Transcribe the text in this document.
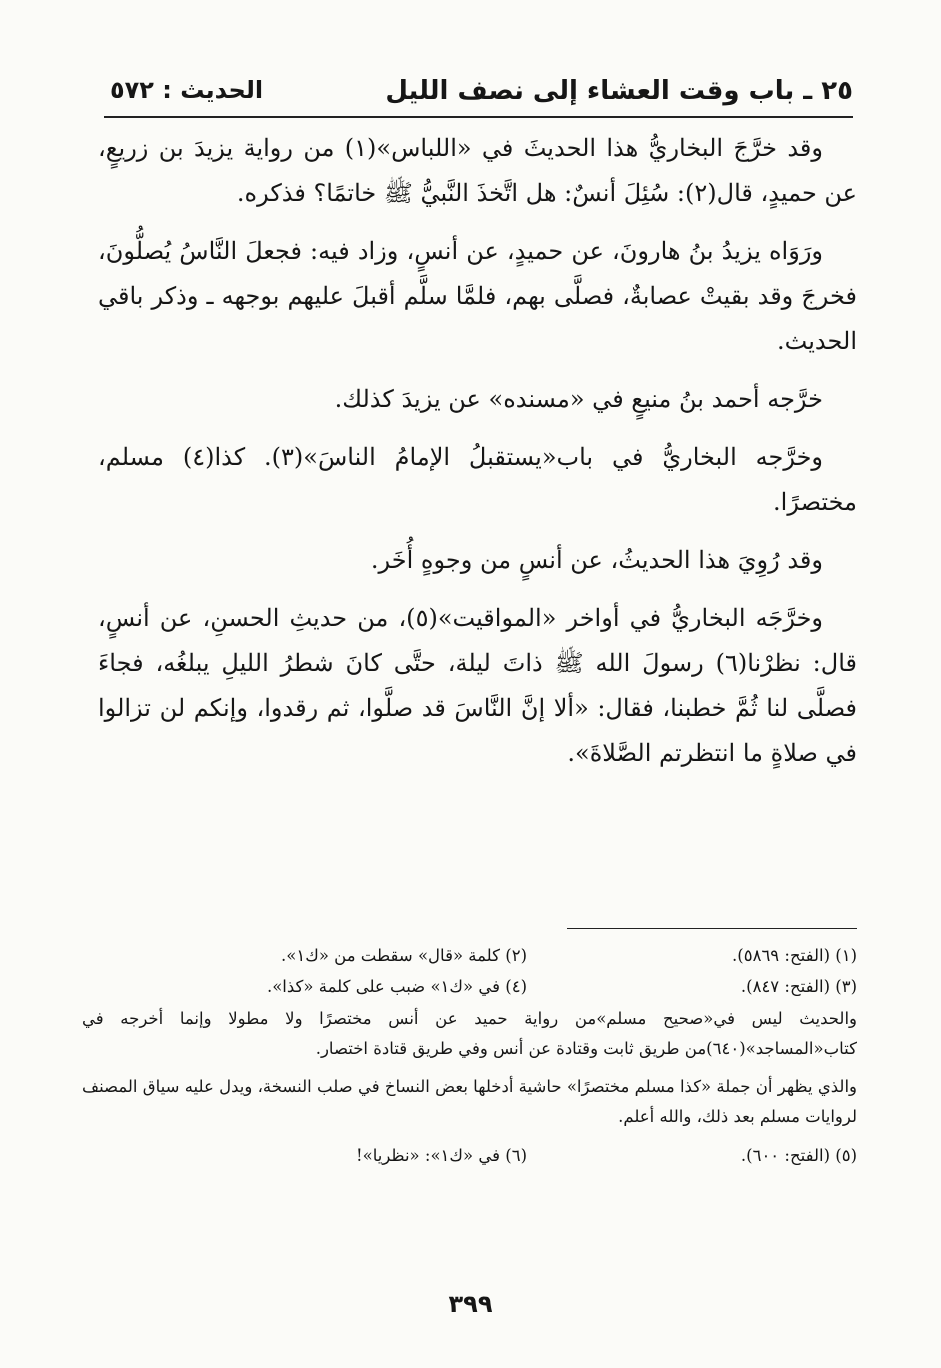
٢٥ ـ باب وقت العشاء إلى نصف الليل
الحديث : ٥٧٢

وقد خرَّجَ البخاريُّ هذا الحديثَ في «اللباس»(١) من رواية يزيدَ بن زريعٍ، عن حميدٍ، قال(٢): سُئِلَ أنسٌ: هل اتَّخذَ النَّبيُّ ﷺ خاتمًا؟ فذكره.

ورَوَاه يزيدُ بنُ هارونَ، عن حميدٍ، عن أنسٍ، وزاد فيه: فجعلَ النَّاسُ يُصلُّونَ، فخرجَ وقد بقيتْ عصابةٌ، فصلَّى بهم، فلمَّا سلَّم أقبلَ عليهم بوجهه ـ وذكر باقي الحديث.

خرَّجه أحمد بنُ منيعٍ في «مسنده» عن يزيدَ كذلك.

وخرَّجه البخاريُّ في باب«يستقبلُ الإمامُ الناسَ»(٣). كذا(٤) مسلم، مختصرًا.

وقد رُوِيَ هذا الحديثُ، عن أنسٍ من وجوهٍ أُخَر.

وخرَّجَه البخاريُّ في أواخر «المواقيت»(٥)، من حديثِ الحسنِ، عن أنسٍ، قال: نظرْنا(٦) رسولَ الله ﷺ ذاتَ ليلة، حتَّى كانَ شطرُ الليلِ يبلغُه، فجاءَ فصلَّى لنا ثُمَّ خطبنا، فقال: «ألا إنَّ النَّاسَ قد صلَّوا، ثم رقدوا، وإنكم لن تزالوا في صلاةٍ ما انتظرتم الصَّلاةَ».

(١) (الفتح: ٥٨٦٩).
(٢) كلمة «قال» سقطت من «ك١».
(٣) (الفتح: ٨٤٧).
(٤) في «ك١» ضبب على كلمة «كذا».
والحديث ليس في«صحيح مسلم»من رواية حميد عن أنس مختصرًا ولا مطولا وإنما أخرجه في كتاب«المساجد»(٦٤٠)من طريق ثابت وقتادة عن أنس وفي طريق قتادة اختصار.
والذي يظهر أن جملة «كذا مسلم مختصرًا» حاشية أدخلها بعض النساخ في صلب النسخة، ويدل عليه سياق المصنف لروايات مسلم بعد ذلك، والله أعلم.
(٥) (الفتح: ٦٠٠).
(٦) في «ك١»: «نظريا»!
٣٩٩
